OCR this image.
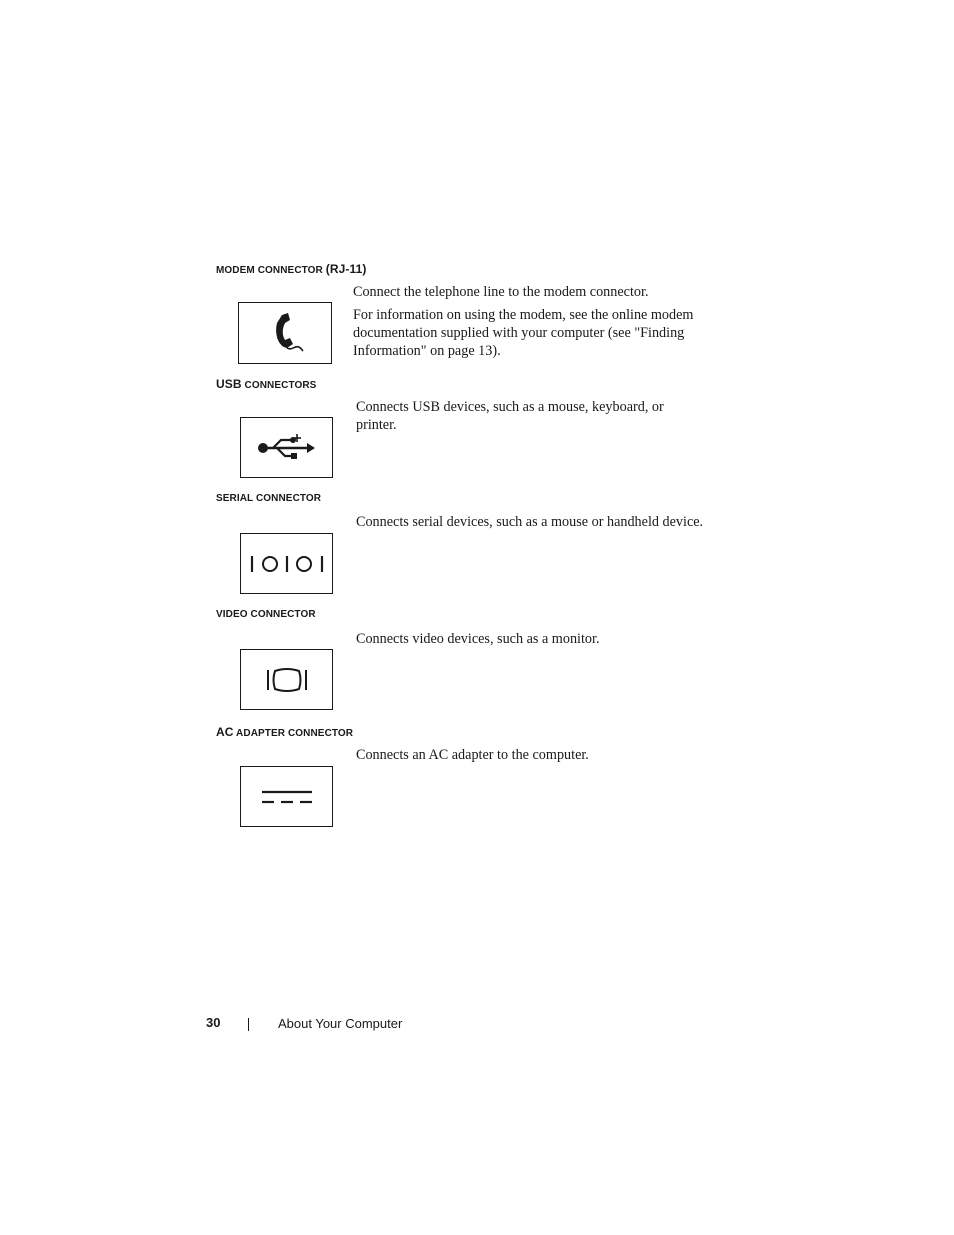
MODEM CONNECTOR (RJ-11)

Connect the telephone line to the modem connector.

For information on using the modem, see the online modem documentation supplied with your computer (see "Finding Information" on page 13).

USB CONNECTORS

Connects USB devices, such as a mouse, keyboard, or printer.

SERIAL CONNECTOR

Connects serial devices, such as a mouse or handheld device.

VIDEO CONNECTOR

Connects video devices, such as a monitor.

AC ADAPTER CONNECTOR

Connects an AC adapter to the computer.

30	About Your Computer
